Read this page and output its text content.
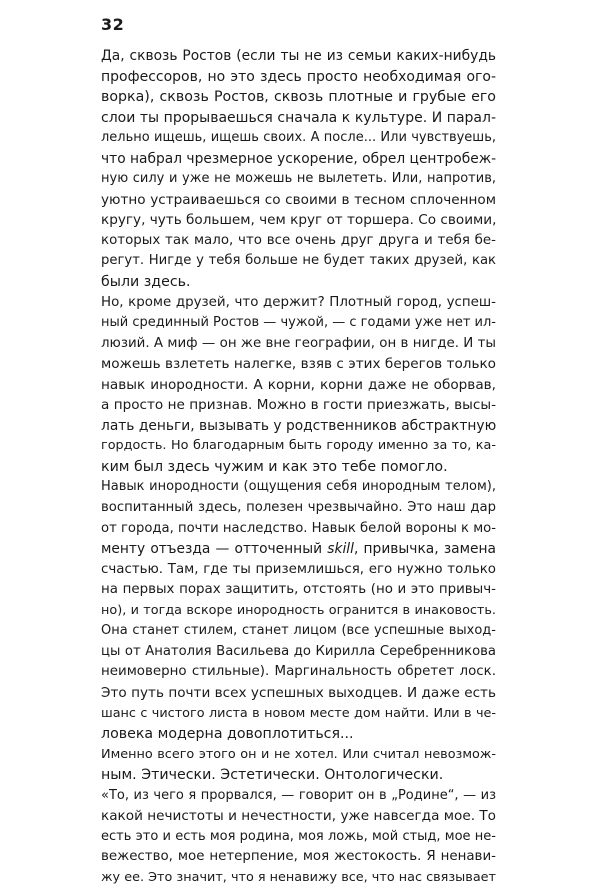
32
Да, сквозь Ростов (если ты не из семьи каких-нибудь
профессоров, но это здесь просто необходимая ого-
ворка), сквозь Ростов, сквозь плотные и грубые его
слои ты прорываешься сначала к культуре. И парал-
лельно ищешь, ищешь своих. А после... Или чувствуешь,
что набрал чрезмерное ускорение, обрел центробеж-
ную силу и уже не можешь не вылететь. Или, напротив,
уютно устраиваешься со своими в тесном сплоченном
кругу, чуть большем, чем круг от торшера. Со своими,
которых так мало, что все очень друг друга и тебя бе-
регут. Нигде у тебя больше не будет таких друзей, как
были здесь.
Но, кроме друзей, что держит? Плотный город, успеш-
ный срединный Ростов — чужой, — с годами уже нет ил-
люзий. А миф — он же вне географии, он в нигде. И ты
можешь взлететь налегке, взяв с этих берегов только
навык инородности. А корни, корни даже не оборвав,
а просто не признав. Можно в гости приезжать, высы-
лать деньги, вызывать у родственников абстрактную
гордость. Но благодарным быть городу именно за то, ка-
ким был здесь чужим и как это тебе помогло.
Навык инородности (ощущения себя инородным телом),
воспитанный здесь, полезен чрезвычайно. Это наш дар
от города, почти наследство. Навык белой вороны к мо-
менту отъезда — отточенный skill, привычка, замена
счастью. Там, где ты приземлишься, его нужно только
на первых порах защитить, отстоять (но и это привыч-
но), и тогда вскоре инородность огранится в инаковость.
Она станет стилем, станет лицом (все успешные выход-
цы от Анатолия Васильева до Кирилла Серебренникова
неимоверно стильные). Маргинальность обретет лоск.
Это путь почти всех успешных выходцев. И даже есть
шанс с чистого листа в новом месте дом найти. Или в че-
ловека модерна довоплотиться...
Именно всего этого он и не хотел. Или считал невозмож-
ным. Этически. Эстетически. Онтологически.
«То, из чего я прорвался, — говорит он в „Родине“, — из
какой нечистоты и нечестности, уже навсегда мое. То
есть это и есть моя родина, моя ложь, мой стыд, мое не-
вежество, мое нетерпение, моя жестокость. Я ненави-
жу ее. Это значит, что я ненавижу все, что нас связывает
